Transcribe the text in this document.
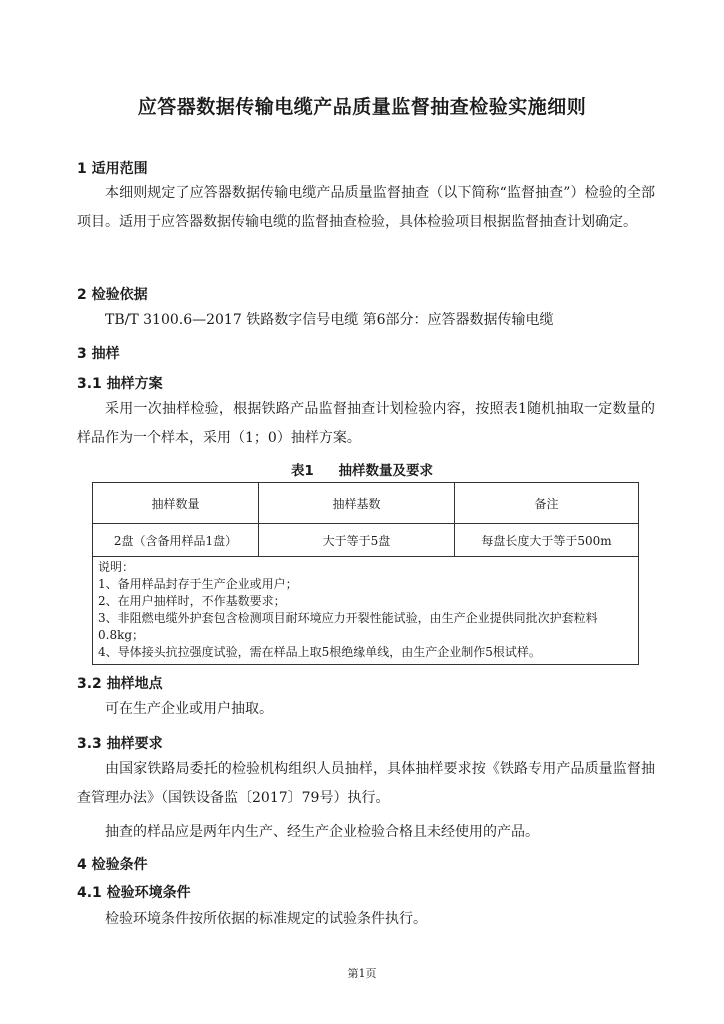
应答器数据传输电缆产品质量监督抽查检验实施细则
1 适用范围
本细则规定了应答器数据传输电缆产品质量监督抽查（以下简称“监督抽查”）检验的全部项目。适用于应答器数据传输电缆的监督抽查检验，具体检验项目根据监督抽查计划确定。
2 检验依据
TB/T 3100.6—2017 铁路数字信号电缆 第6部分：应答器数据传输电缆
3 抽样
3.1 抽样方案
采用一次抽样检验，根据铁路产品监督抽查计划检验内容，按照表1随机抽取一定数量的样品作为一个样本，采用（1；0）抽样方案。
表1 抽样数量及要求
抽样数量	抽样基数	备注
2盘（含备用样品1盘）	大于等于5盘	每盘长度大于等于500m

说明：
1、备用样品封存于生产企业或用户；
2、在用户抽样时，不作基数要求；
3、非阻燃电缆外护套包含检测项目耐环境应力开裂性能试验，由生产企业提供同批次护套粒料0.8kg；
4、导体接头抗拉强度试验，需在样品上取5根绝缘单线，由生产企业制作5根试样。		
3.2 抽样地点
可在生产企业或用户抽取。
3.3 抽样要求
由国家铁路局委托的检验机构组织人员抽样，具体抽样要求按《铁路专用产品质量监督抽查管理办法》（国铁设备监〔2017〕79号）执行。
抽查的样品应是两年内生产、经生产企业检验合格且未经使用的产品。
4 检验条件
4.1 检验环境条件
检验环境条件按所依据的标准规定的试验条件执行。
第1页
